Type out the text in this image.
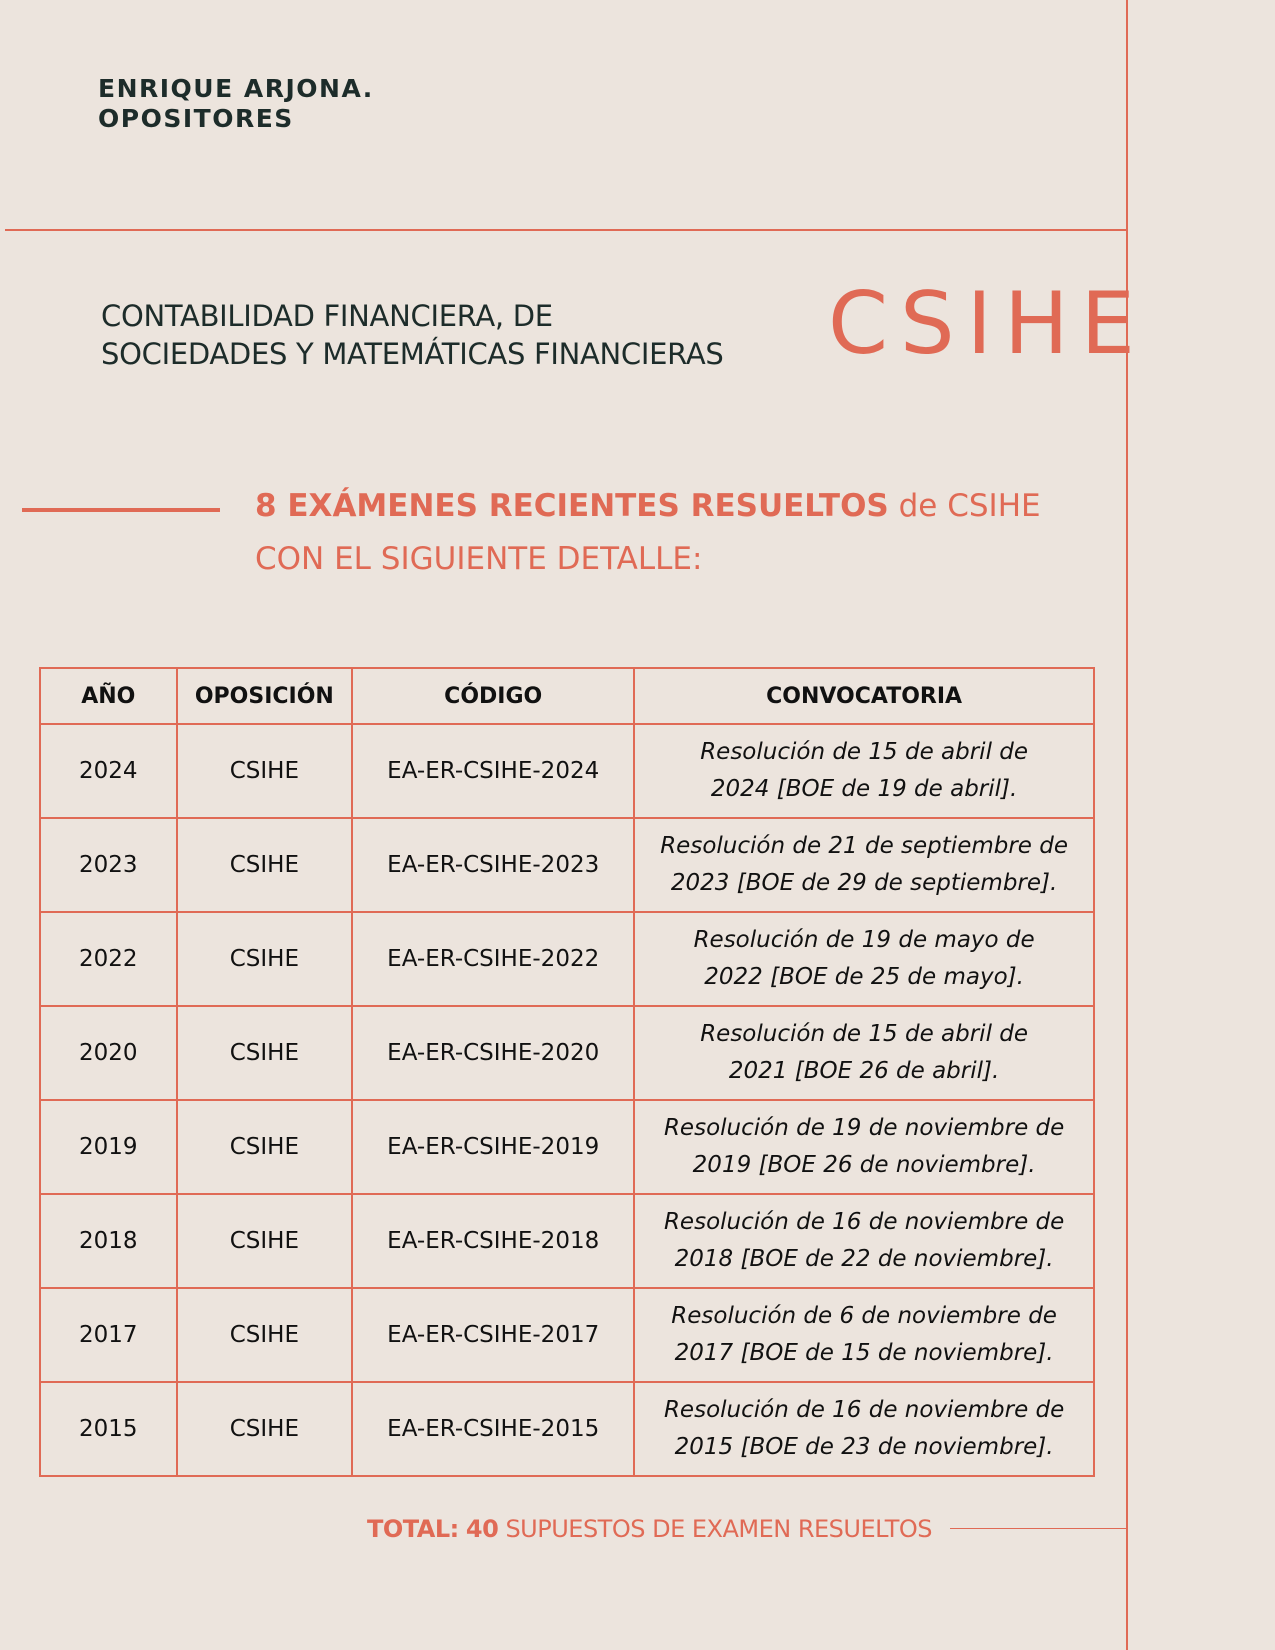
ENRIQUE ARJONA.
OPOSITORES
CONTABILIDAD FINANCIERA, DE
SOCIEDADES Y MATEMÁTICAS FINANCIERAS CSIHE
8 EXÁMENES RECIENTES RESUELTOS de CSIHE
CON EL SIGUIENTE DETALLE:
AÑO	OPOSICIÓN	CÓDIGO	CONVOCATORIA
2024	CSIHE	EA-ER-CSIHE-2024	Resolución de 15 de abril de
2024 [BOE de 19 de abril].

2023	CSIHE	EA-ER-CSIHE-2023	Resolución de 21 de septiembre de
2023 [BOE de 29 de septiembre].

2022	CSIHE	EA-ER-CSIHE-2022	Resolución de 19 de mayo de
2022 [BOE de 25 de mayo].

2020	CSIHE	EA-ER-CSIHE-2020	Resolución de 15 de abril de
2021 [BOE 26 de abril].

2019	CSIHE	EA-ER-CSIHE-2019	Resolución de 19 de noviembre de
2019 [BOE 26 de noviembre].

2018	CSIHE	EA-ER-CSIHE-2018	Resolución de 16 de noviembre de
2018 [BOE de 22 de noviembre].

2017	CSIHE	EA-ER-CSIHE-2017	Resolución de 6 de noviembre de
2017 [BOE de 15 de noviembre].

2015	CSIHE	EA-ER-CSIHE-2015	Resolución de 16 de noviembre de
2015 [BOE de 23 de noviembre].
TOTAL: 40 SUPUESTOS DE EXAMEN RESUELTOS
